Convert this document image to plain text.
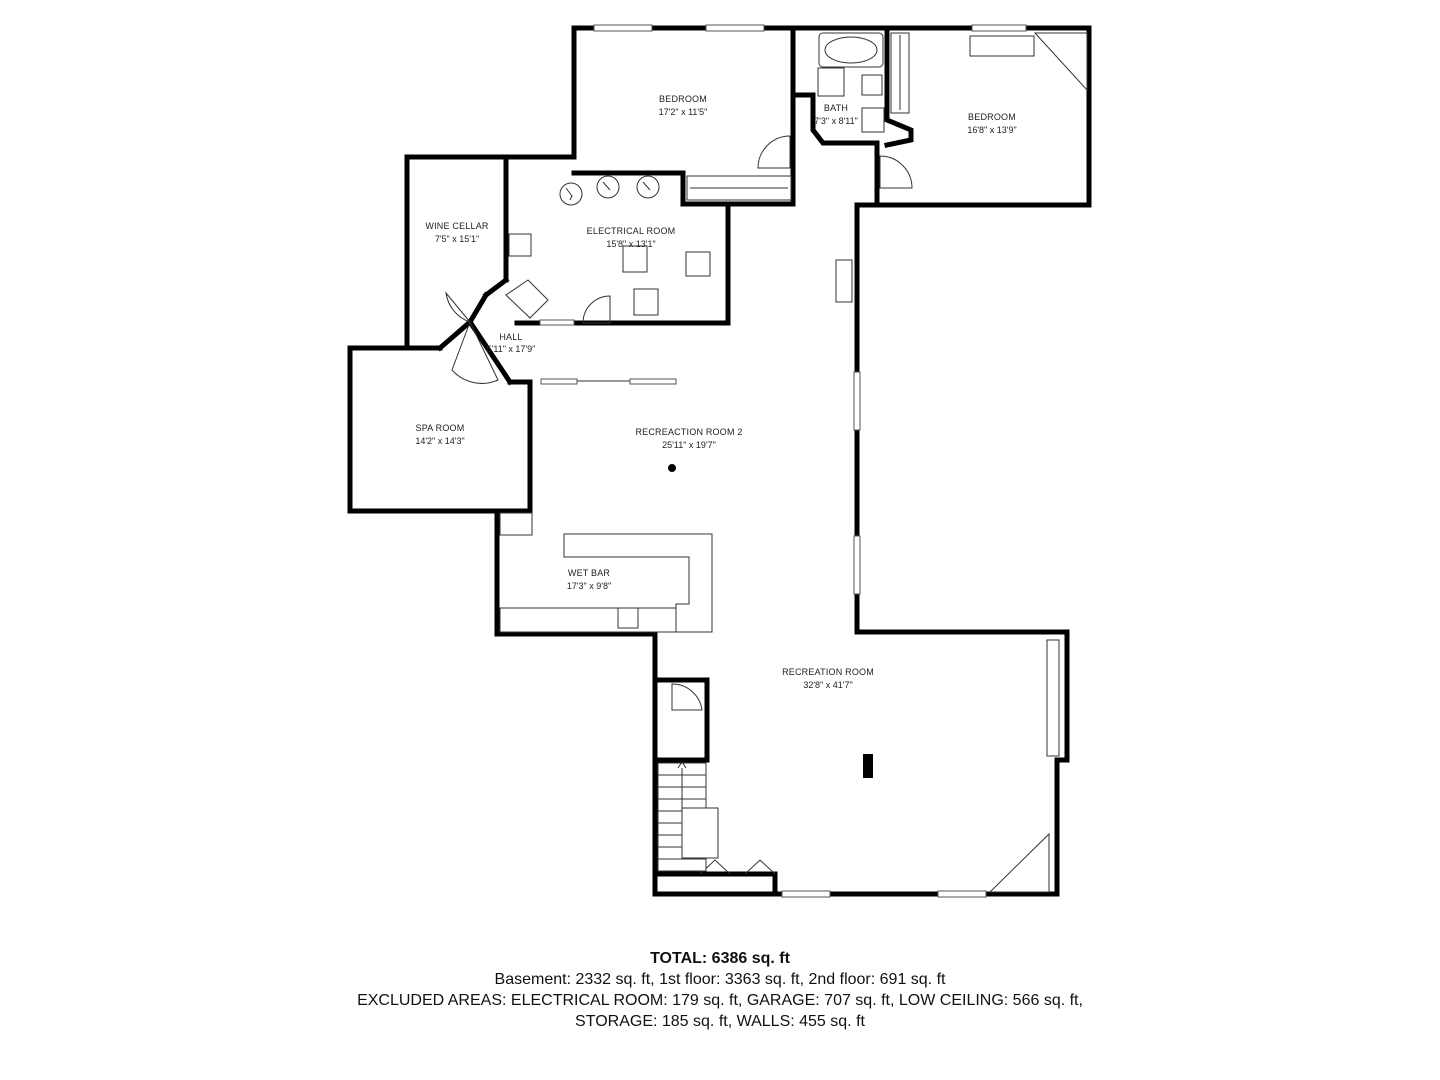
BEDROOM
17'2" x 11'5"	BATH
7'3" x 8'11"	BEDROOM
16'8" x 13'9"
WINE CELLAR
7'5" x 15'1"
ELECTRICAL ROOM
15'8" x 13'1"
HALL
5'11" x 17'9"
SPA ROOM
14'2" x 14'3"
RECREACTION ROOM 2
25'11" x 19'7"
WET BAR
17'3" x 9'8"
RECREATION ROOM
32'8" x 41'7"
TOTAL: 6386 sq. ft
Basement: 2332 sq. ft, 1st floor: 3363 sq. ft, 2nd floor: 691 sq. ft
EXCLUDED AREAS: ELECTRICAL ROOM: 179 sq. ft, GARAGE: 707 sq. ft, LOW CEILING: 566 sq. ft,
STORAGE: 185 sq. ft, WALLS: 455 sq. ft
